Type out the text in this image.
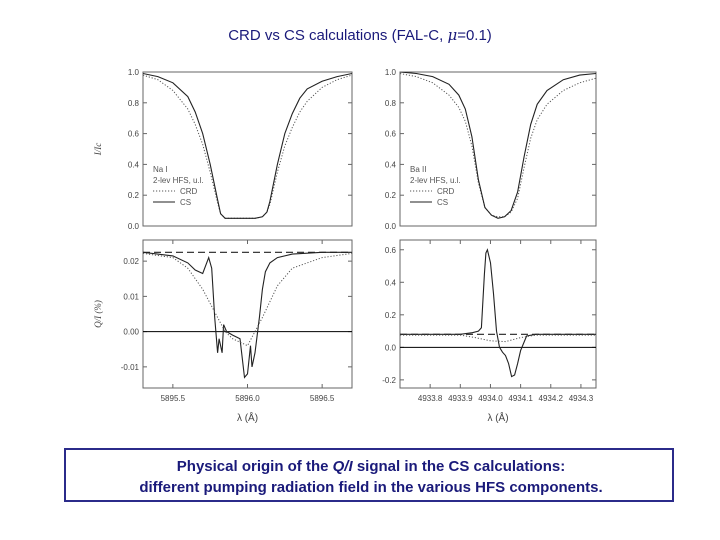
CRD vs CS calculations (FAL-C, μ=0.1)
0.0
0.2
0.4
0.6
0.8
1.0
I/Ic
Na I
2-lev HFS, u.l.
CRD
CS
0.0
0.2
0.4
0.6
0.8
1.0
Ba II
2-lev HFS, u.l.
CRD
CS
-0.01
0.00
0.01
0.02
5895.5	5896.0	5896.5
Q/I (%)
λ (Å)
-0.2
0.0
0.2
0.4
0.6
4933.8 4933.9 4934.0 4934.1 4934.2 4934.3
λ (Å)
Physical origin of the Q/I signal in the CS calculations:
different pumping radiation field in the various HFS components.
